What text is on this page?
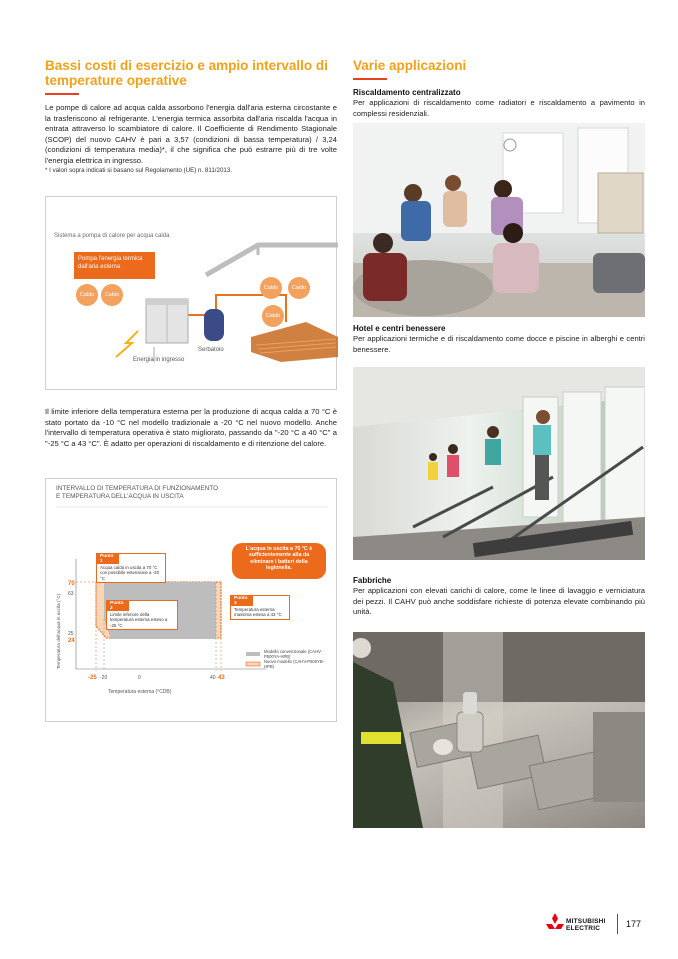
Bassi costi di esercizio e ampio intervallo di temperature operative

Le pompe di calore ad acqua calda assorbono l'energia dall'aria esterna circostante e la trasferiscono al refrigerante. L'energia termica assorbita dall'aria riscalda l'acqua in entrata attraverso lo scambiatore di calore. Il Coefficiente di Rendimento Stagionale (SCOP) del nuovo CAHV è pari a 3,57 (condizioni di bassa temperatura) / 3,24 (condizioni di temperatura media)*, il che significa che può estrarre più di tre volte l'energia elettrica in ingresso.

* I valori sopra indicati si basano sul Regolamento (UE) n. 811/2013.

Sistema a pompa di calore per acqua calda
Pompa l'energia termica dall'aria esterna
Caldo	Caldo
Caldo	Caldo
Caldo
Serbatoio
Energia in ingresso

Il limite inferiore della temperatura esterna per la produzione di acqua calda a 70 °C è stato portato da -10 °C nel modello tradizionale a -20 °C nel nuovo modello. Anche l'intervallo di temperatura operativa è stato migliorato, passando da "-20 °C a 40 °C" a "-25 °C a 43 °C". È adatto per operazioni di riscaldamento e di ritenzione del calore.

INTERVALLO DI TEMPERATURA DI FUNZIONAMENTO
E TEMPERATURA DELL'ACQUA IN USCITA
70
63
25
24
-25 -20	0	40 43
Temperatura esterna (°CDB)
Temperatura dell'acqua in uscita (°C)
L'acqua in uscita a 70 °C è sufficientemente alta da eliminare i batteri della legionella.
Punto 1
Acqua calda in uscita a 70 °C con possibile estensione a -20 °C
Punto 2
Limite inferiore della temperatura esterna esteso a -25 °C
Punto 3
Temperatura esterna massima estesa a 43 °C
Modello convenzionale (CAHV-P500YA-HPB)
Nuovo modello (CAHV-P500YB-HPB)
Varie applicazioni
Riscaldamento centralizzato

Per applicazioni di riscaldamento come radiatori e riscaldamento a pavimento in complessi residenziali.

Hotel e centri benessere

Per applicazioni termiche e di riscaldamento come docce e piscine in alberghi e centri benessere.

Fabbriche

Per applicazioni con elevati carichi di calore, come le linee di lavaggio e verniciatura dei pezzi. Il CAHV può anche soddisfare richieste di potenza elevate combinando più unità.

MITSUBISHI
ELECTRIC	177
